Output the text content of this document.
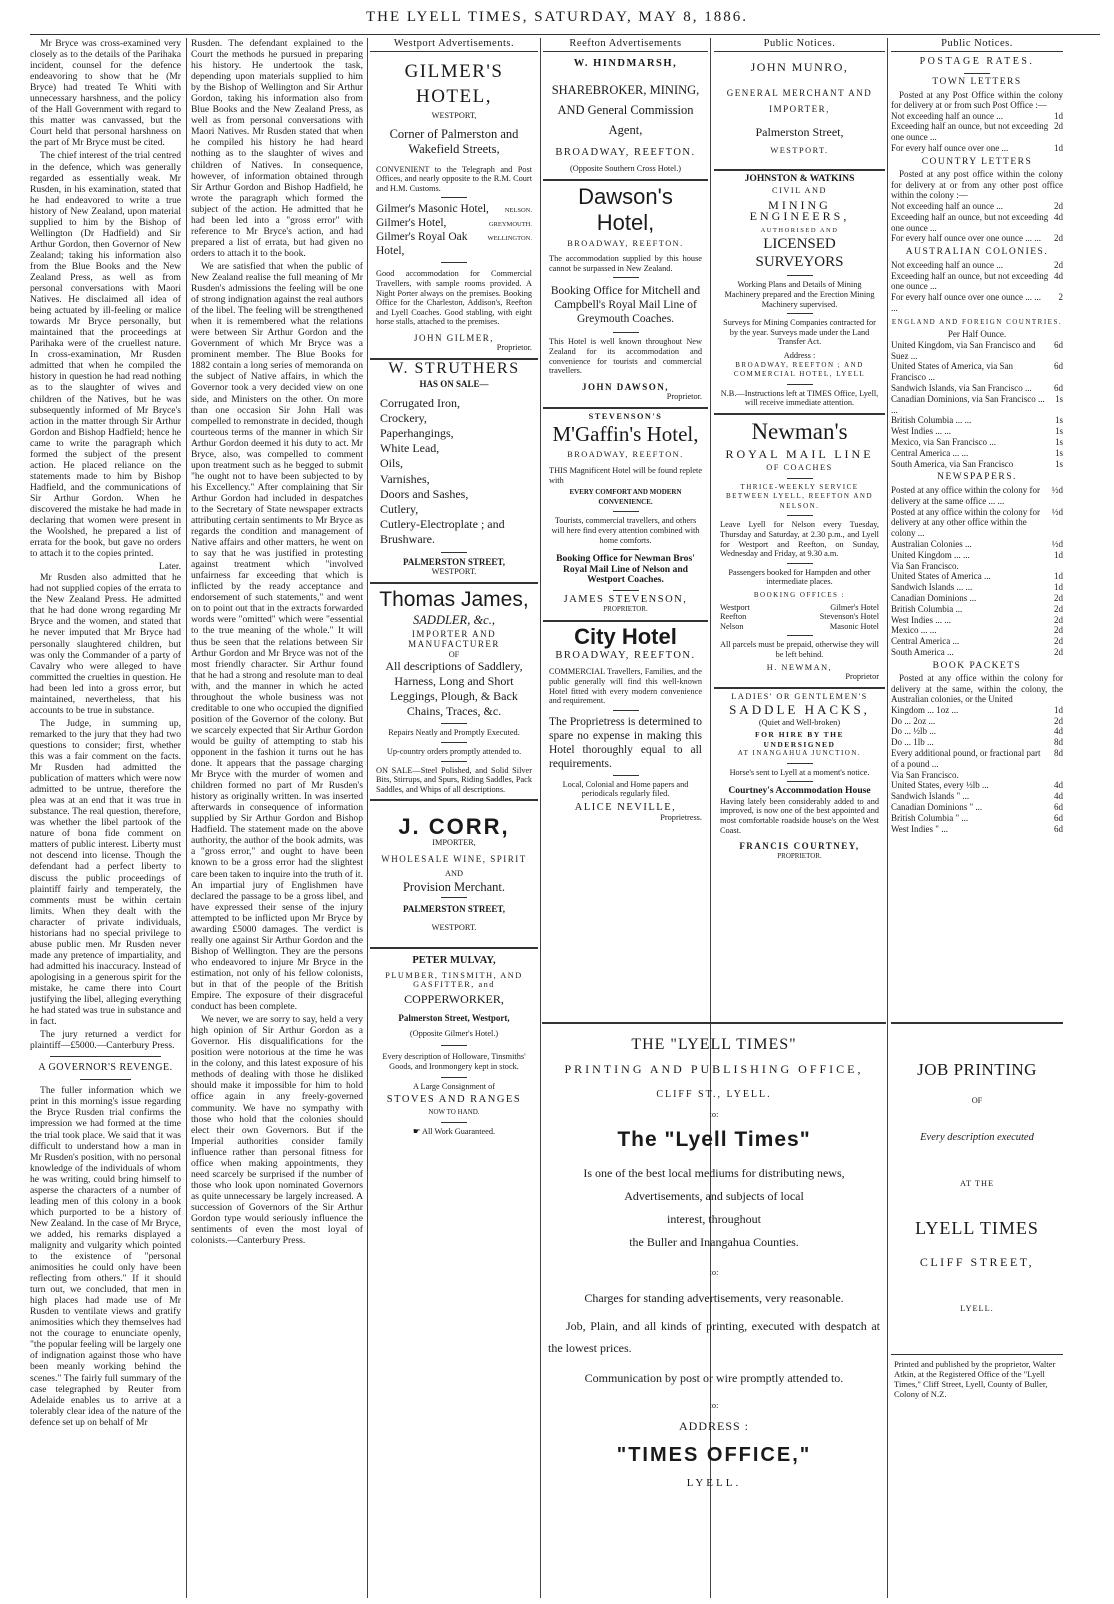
THE LYELL TIMES, SATURDAY, MAY 8, 1886.

Mr Bryce was cross-examined very closely as to the details of the Parihaka incident, counsel for the defence endeavoring to show that he (Mr Bryce) had treated Te Whiti with unnecessary harshness, and the policy of the Hall Government with regard to this matter was canvassed, but the Court held that personal harshness on the part of Mr Bryce must be cited.

The chief interest of the trial centred in the defence, which was generally regarded as essentially weak. Mr Rusden, in his examination, stated that he had endeavored to write a true history of New Zealand, upon material supplied to him by the Bishop of Wellington (Dr Hadfield) and Sir Arthur Gordon, then Governor of New Zealand; taking his information also from the Blue Books and the New Zealand Press, as well as from personal conversations with Maori Natives. He disclaimed all idea of being actuated by ill-feeling or malice towards Mr Bryce personally, but maintained that the proceedings at Parihaka were of the cruellest nature. In cross-examination, Mr Rusden admitted that when he compiled the history in question he had read nothing as to the slaughter of wives and children of the Natives, but he was subsequently informed of Mr Bryce's action in the matter through Sir Arthur Gordon and Bishop Hadfield; hence he came to write the paragraph which formed the subject of the present action. He placed reliance on the statements made to him by Bishop Hadfield, and the communications of Sir Arthur Gordon. When he discovered the mistake he had made in declaring that women were present in the Woolshed, he prepared a list of errata for the book, but gave no orders to attach it to the copies printed.

Later.

Mr Rusden also admitted that he had not supplied copies of the errata to the New Zealand Press. He admitted that he had done wrong regarding Mr Bryce and the women, and stated that he never imputed that Mr Bryce had personally slaughtered children, but was only the Commander of a party of Cavalry who were alleged to have committed the cruelties in question. He had been led into a gross error, but maintained, nevertheless, that his accounts to be true in substance.

The Judge, in summing up, remarked to the jury that they had two questions to consider; first, whether this was a fair comment on the facts. Mr Rusden had admitted the publication of matters which were now admitted to be untrue, therefore the plea was at an end that it was true in substance. The real question, therefore, was whether the libel partook of the nature of bona fide comment on matters of public interest. Liberty must not descend into license. Though the defendant had a perfect liberty to discuss the public proceedings of plaintiff fairly and temperately, the comments must be within certain limits. When they dealt with the character of private individuals, historians had no special privilege to abuse public men. Mr Rusden never made any pretence of impartiality, and had admitted his inaccuracy. Instead of apologising in a generous spirit for the mistake, he came there into Court justifying the libel, alleging everything he had stated was true in substance and in fact.

The jury returned a verdict for plaintiff—£5000.—Canterbury Press.

A GOVERNOR'S REVENGE.

The fuller information which we print in this morning's issue regarding the Bryce Rusden trial confirms the impression we had formed at the time the trial took place. We said that it was difficult to understand how a man in Mr Rusden's position, with no personal knowledge of the individuals of whom he was writing, could bring himself to asperse the characters of a number of leading men of this colony in a book which purported to be a history of New Zealand. In the case of Mr Bryce, we added, his remarks displayed a malignity and vulgarity which pointed to the existence of "personal animosities he could only have been reflecting from others." If it should turn out, we concluded, that men in high places had made use of Mr Rusden to ventilate views and gratify animosities which they themselves had not the courage to enunciate openly, "the popular feeling will be largely one of indignation against those who have been meanly working behind the scenes." The fairly full summary of the case telegraphed by Reuter from Adelaide enables us to arrive at a tolerably clear idea of the nature of the defence set up on behalf of Mr

Rusden. The defendant explained to the Court the methods he pursued in preparing his history. He undertook the task, depending upon materials supplied to him by the Bishop of Wellington and Sir Arthur Gordon, taking his information also from Blue Books and the New Zealand Press, as well as from personal conversations with Maori Natives. Mr Rusden stated that when he compiled his history he had heard nothing as to the slaughter of wives and children of Natives. In consequence, however, of information obtained through Sir Arthur Gordon and Bishop Hadfield, he wrote the paragraph which formed the subject of the action. He admitted that he had been led into a "gross error" with reference to Mr Bryce's action, and had prepared a list of errata, but had given no orders to attach it to the book.

We are satisfied that when the public of New Zealand realise the full meaning of Mr Rusden's admissions the feeling will be one of strong indignation against the real authors of the libel. The feeling will be strengthened when it is remembered what the relations were between Sir Arthur Gordon and the Government of which Mr Bryce was a prominent member. The Blue Books for 1882 contain a long series of memoranda on the subject of Native affairs, in which the Governor took a very decided view on one side, and Ministers on the other. On more than one occasion Sir John Hall was compelled to remonstrate in decided, though courteous terms of the manner in which Sir Arthur Gordon deemed it his duty to act. Mr Bryce, also, was compelled to comment upon treatment such as he begged to submit "he ought not to have been subjected to by his Excellency." After complaining that Sir Arthur Gordon had included in despatches to the Secretary of State newspaper extracts attributing certain sentiments to Mr Bryce as regards the condition and management of Native affairs and other matters, he went on to say that he was justified in protesting against treatment which "involved unfairness far exceeding that which is inflicted by the ready acceptance and endorsement of such statements," and went on to point out that in the extracts forwarded words were "omitted" which were "essential to the true meaning of the whole." It will thus be seen that the relations between Sir Arthur Gordon and Mr Bryce was not of the most friendly character. Sir Arthur found that he had a strong and resolute man to deal with, and the manner in which he acted throughout the whole business was not creditable to one who occupied the dignified position of the Governor of the colony. But we scarcely expected that Sir Arthur Gordon would be guilty of attempting to stab his opponent in the fashion it turns out he has done. It appears that the passage charging Mr Bryce with the murder of women and children formed no part of Mr Rusden's history as originally written. In was inserted afterwards in consequence of information supplied by Sir Arthur Gordon and Bishop Hadfield. The statement made on the above authority, the author of the book admits, was a "gross error," and ought to have been known to be a gross error had the slightest care been taken to inquire into the truth of it. An impartial jury of Englishmen have declared the passage to be a gross libel, and have expressed their sense of the injury attempted to be inflicted upon Mr Bryce by awarding £5000 damages. The verdict is really one against Sir Arthur Gordon and the Bishop of Wellington. They are the persons who endeavored to injure Mr Bryce in the estimation, not only of his fellow colonists, but in that of the people of the British Empire. The exposure of their disgraceful conduct has been complete.

We never, we are sorry to say, held a very high opinion of Sir Arthur Gordon as a Governor. His disqualifications for the position were notorious at the time he was in the colony, and this latest exposure of his methods of dealing with those he disliked should make it impossible for him to hold office again in any freely-governed community. We have no sympathy with those who hold that the colonies should elect their own Governors. But if the Imperial authorities consider family influence rather than personal fitness for office when making appointments, they need scarcely be surprised if the number of those who look upon nominated Governors as quite unnecessary be largely increased. A succession of Governors of the Sir Arthur Gordon type would seriously influence the sentiments of even the most loyal of colonists.—Canterbury Press.

Westport Advertisements.
GILMER'S HOTEL,
WESTPORT,
Corner of Palmerston and Wakefield Streets,
CONVENIENT to the Telegraph and Post Offices, and nearly opposite to the R.M. Court and H.M. Customs.
Gilmer's Masonic Hotel, NELSON.
Gilmer's Hotel,	GREYMOUTH.
Gilmer's Royal Oak Hotel,
WELLINGTON.
Good accommodation for Commercial Travellers, with sample rooms provided. A Night Porter always on the premises. Booking Office for the Charleston, Addison's, Reefton and Lyell Coaches. Good stabling, with eight horse stalls, attached to the premises.
JOHN GILMER,
Proprietor.
W. STRUTHERS
HAS ON SALE—
Corrugated Iron,
Crockery,
Paperhangings,
White Lead,
Oils,
Varnishes,
Doors and Sashes,
Cutlery,
Cutlery-Electroplate ; and Brushware.
PALMERSTON STREET,
WESTPORT.
Thomas James,
SADDLER, &c.,
IMPORTER AND MANUFACTURER
OF
All descriptions of Saddlery, Harness, Long and Short Leggings, Plough, & Back Chains, Traces, &c.
Repairs Neatly and Promptly Executed.
Up-country orders promptly attended to.
ON SALE—Steel Polished, and Solid Silver Bits, Stirrups, and Spurs, Riding Saddles, Pack Saddles, and Whips of all descriptions.
J. CORR,
IMPORTER,
WHOLESALE WINE, SPIRIT
AND
Provision Merchant.
PALMERSTON STREET,
WESTPORT.
PETER MULVAY,
PLUMBER, TINSMITH, AND GASFITTER, and
COPPERWORKER,
Palmerston Street, Westport,
(Opposite Gilmer's Hotel.)
Every description of Holloware, Tinsmiths' Goods, and Ironmongery kept in stock.
A Large Consignment of
STOVES AND RANGES
NOW TO HAND.
☛ All Work Guaranteed.
Reefton Advertisements
W. HINDMARSH,
SHAREBROKER, MINING, AND General Commission Agent,
BROADWAY, REEFTON.
(Opposite Southern Cross Hotel.)
Dawson's Hotel,
BROADWAY, REEFTON.
The accommodation supplied by this house cannot be surpassed in New Zealand.
Booking Office for Mitchell and Campbell's Royal Mail Line of Greymouth Coaches.
This Hotel is well known throughout New Zealand for its accommodation and convenience for tourists and commercial travellers.
JOHN DAWSON,
Proprietor.
STEVENSON'S
M'Gaffin's Hotel,
BROADWAY, REEFTON.
THIS Magnificent Hotel will be found replete with
EVERY COMFORT AND MODERN CONVENIENCE.
Tourists, commercial travellers, and others will here find every attention combined with home comforts.
Booking Office for Newman Bros' Royal Mail Line of Nelson and Westport Coaches.
JAMES STEVENSON,
PROPRIETOR.
City Hotel
BROADWAY, REEFTON.
COMMERCIAL Travellers, Families, and the public generally will find this well-known Hotel fitted with every modern convenience and requirement.
The Proprietress is determined to spare no expense in making this Hotel thoroughly equal to all requirements.
Local, Colonial and Home papers and periodicals regularly filed.
ALICE NEVILLE,
Proprietress.
Public Notices.
JOHN MUNRO,
GENERAL MERCHANT AND IMPORTER,
Palmerston Street,
WESTPORT.
JOHNSTON & WATKINS
CIVIL AND
MINING ENGINEERS,
AUTHORISED AND
LICENSED SURVEYORS
Working Plans and Details of Mining Machinery prepared and the Erection Mining Machinery supervised.
Surveys for Mining Companies contracted for by the year. Surveys made under the Land Transfer Act.
Address :
BROADWAY, REEFTON ; AND COMMERCIAL HOTEL, LYELL
N.B.—Instructions left at TIMES Office, Lyell, will receive immediate attention.
Newman's
ROYAL MAIL LINE
OF COACHES
THRICE-WEEKLY SERVICE BETWEEN LYELL, REEFTON AND NELSON.
Leave Lyell for Nelson every Tuesday, Thursday and Saturday, at 2.30 p.m., and Lyell for Westport and Reefton, on Sunday, Wednesday and Friday, at 9.30 a.m.
Passengers booked for Hampden and other intermediate places.
BOOKING OFFICES :
Westport	Gilmer's Hotel
Reefton	Stevenson's Hotel
Nelson	Masonic Hotel
All parcels must be prepaid, otherwise they will be left behind.
H. NEWMAN,
Proprietor
LADIES' OR GENTLEMEN'S
SADDLE HACKS,
(Quiet and Well-broken)
FOR HIRE BY THE UNDERSIGNED
AT INANGAHUA JUNCTION.
Horse's sent to Lyell at a moment's notice.
Courtney's Accommodation House
Having lately been considerably added to and improved, is now one of the best appointed and most comfortable roadside house's on the West Coast.
FRANCIS COURTNEY,
PROPRIETOR.
Public Notices.
POSTAGE RATES.
TOWN LETTERS
Posted at any Post Office within the colony for delivery at or from such Post Office :—
Not exceeding half an ounce ...	1d
Exceeding half an ounce, but not exceeding one ounce ...
2d
For every half ounce over one ...	1d
COUNTRY LETTERS
Posted at any post office within the colony for delivery at or from any other post office within the colony :—
Not exceeding half an ounce ...	2d
Exceeding half an ounce, but not exceeding one ounce ...
4d
For every half ounce over one ounce ... ...	2d
AUSTRALIAN COLONIES.
Not exceeding half an ounce ...	2d
Exceeding half an ounce, but not exceeding one ounce ...
4d
For every half ounce over one ounce ... ... ...
2
ENGLAND AND FOREIGN COUNTRIES.
Per Half Ounce.
United Kingdom, via San Francisco and Suez ...
6d
United States of America, via San Francisco ...
6d
Sandwich Islands, via San Francisco ...	6d
Canadian Dominions, via San Francisco ... ...
1s
British Columbia ... ...	1s
West Indies ... ...	1s
Mexico, via San Francisco ...	1s
Central America ... ...	1s
South America, via San Francisco	1s
NEWSPAPERS.
Posted at any office within the colony for delivery at the same office ... ...
½d
Posted at any office within the colony for delivery at any other office within the colony ...
½d
Australian Colonies ...	½d
United Kingdom ... ...	1d
Via San Francisco.
United States of America ...	1d
Sandwich Islands ... ...	1d
Canadian Dominions ...	2d
British Columbia ...	2d
West Indies ... ...	2d
Mexico ... ...	2d
Central America ...	2d
South America ...	2d
BOOK PACKETS
Posted at any office within the colony for delivery at the same, within the colony, the Australian colonies, or the United
Kingdom ... 1oz ...	1d
Do ... 2oz ...	2d
Do ... ½lb ...	4d
Do ... 1lb ...	8d
Every additional pound, or fractional part of a pound ...
8d
Via San Francisco.
United States, every ½lb ...	4d
Sandwich Islands " ...	4d
Canadian Dominions " ...	6d
British Columbia " ...	6d
West Indies " ...	6d
THE "LYELL TIMES"
PRINTING AND PUBLISHING OFFICE,
CLIFF ST., LYELL.
:o:
The "Lyell Times"
Is one of the best local mediums for distributing news,
Advertisements, and subjects of local
interest, throughout
the Buller and Inangahua Counties.
:o:
Charges for standing advertisements, very reasonable.
Job, Plain, and all kinds of printing, executed with despatch at the lowest prices.
Communication by post or wire promptly attended to.
:o:
ADDRESS :
"TIMES OFFICE,"
LYELL.
JOB PRINTING
OF
Every description executed
AT THE
LYELL TIMES
CLIFF STREET,
LYELL.
Printed and published by the proprietor, Walter Atkin, at the Registered Office of the "Lyell Times," Cliff Street, Lyell, County of Buller, Colony of N.Z.
